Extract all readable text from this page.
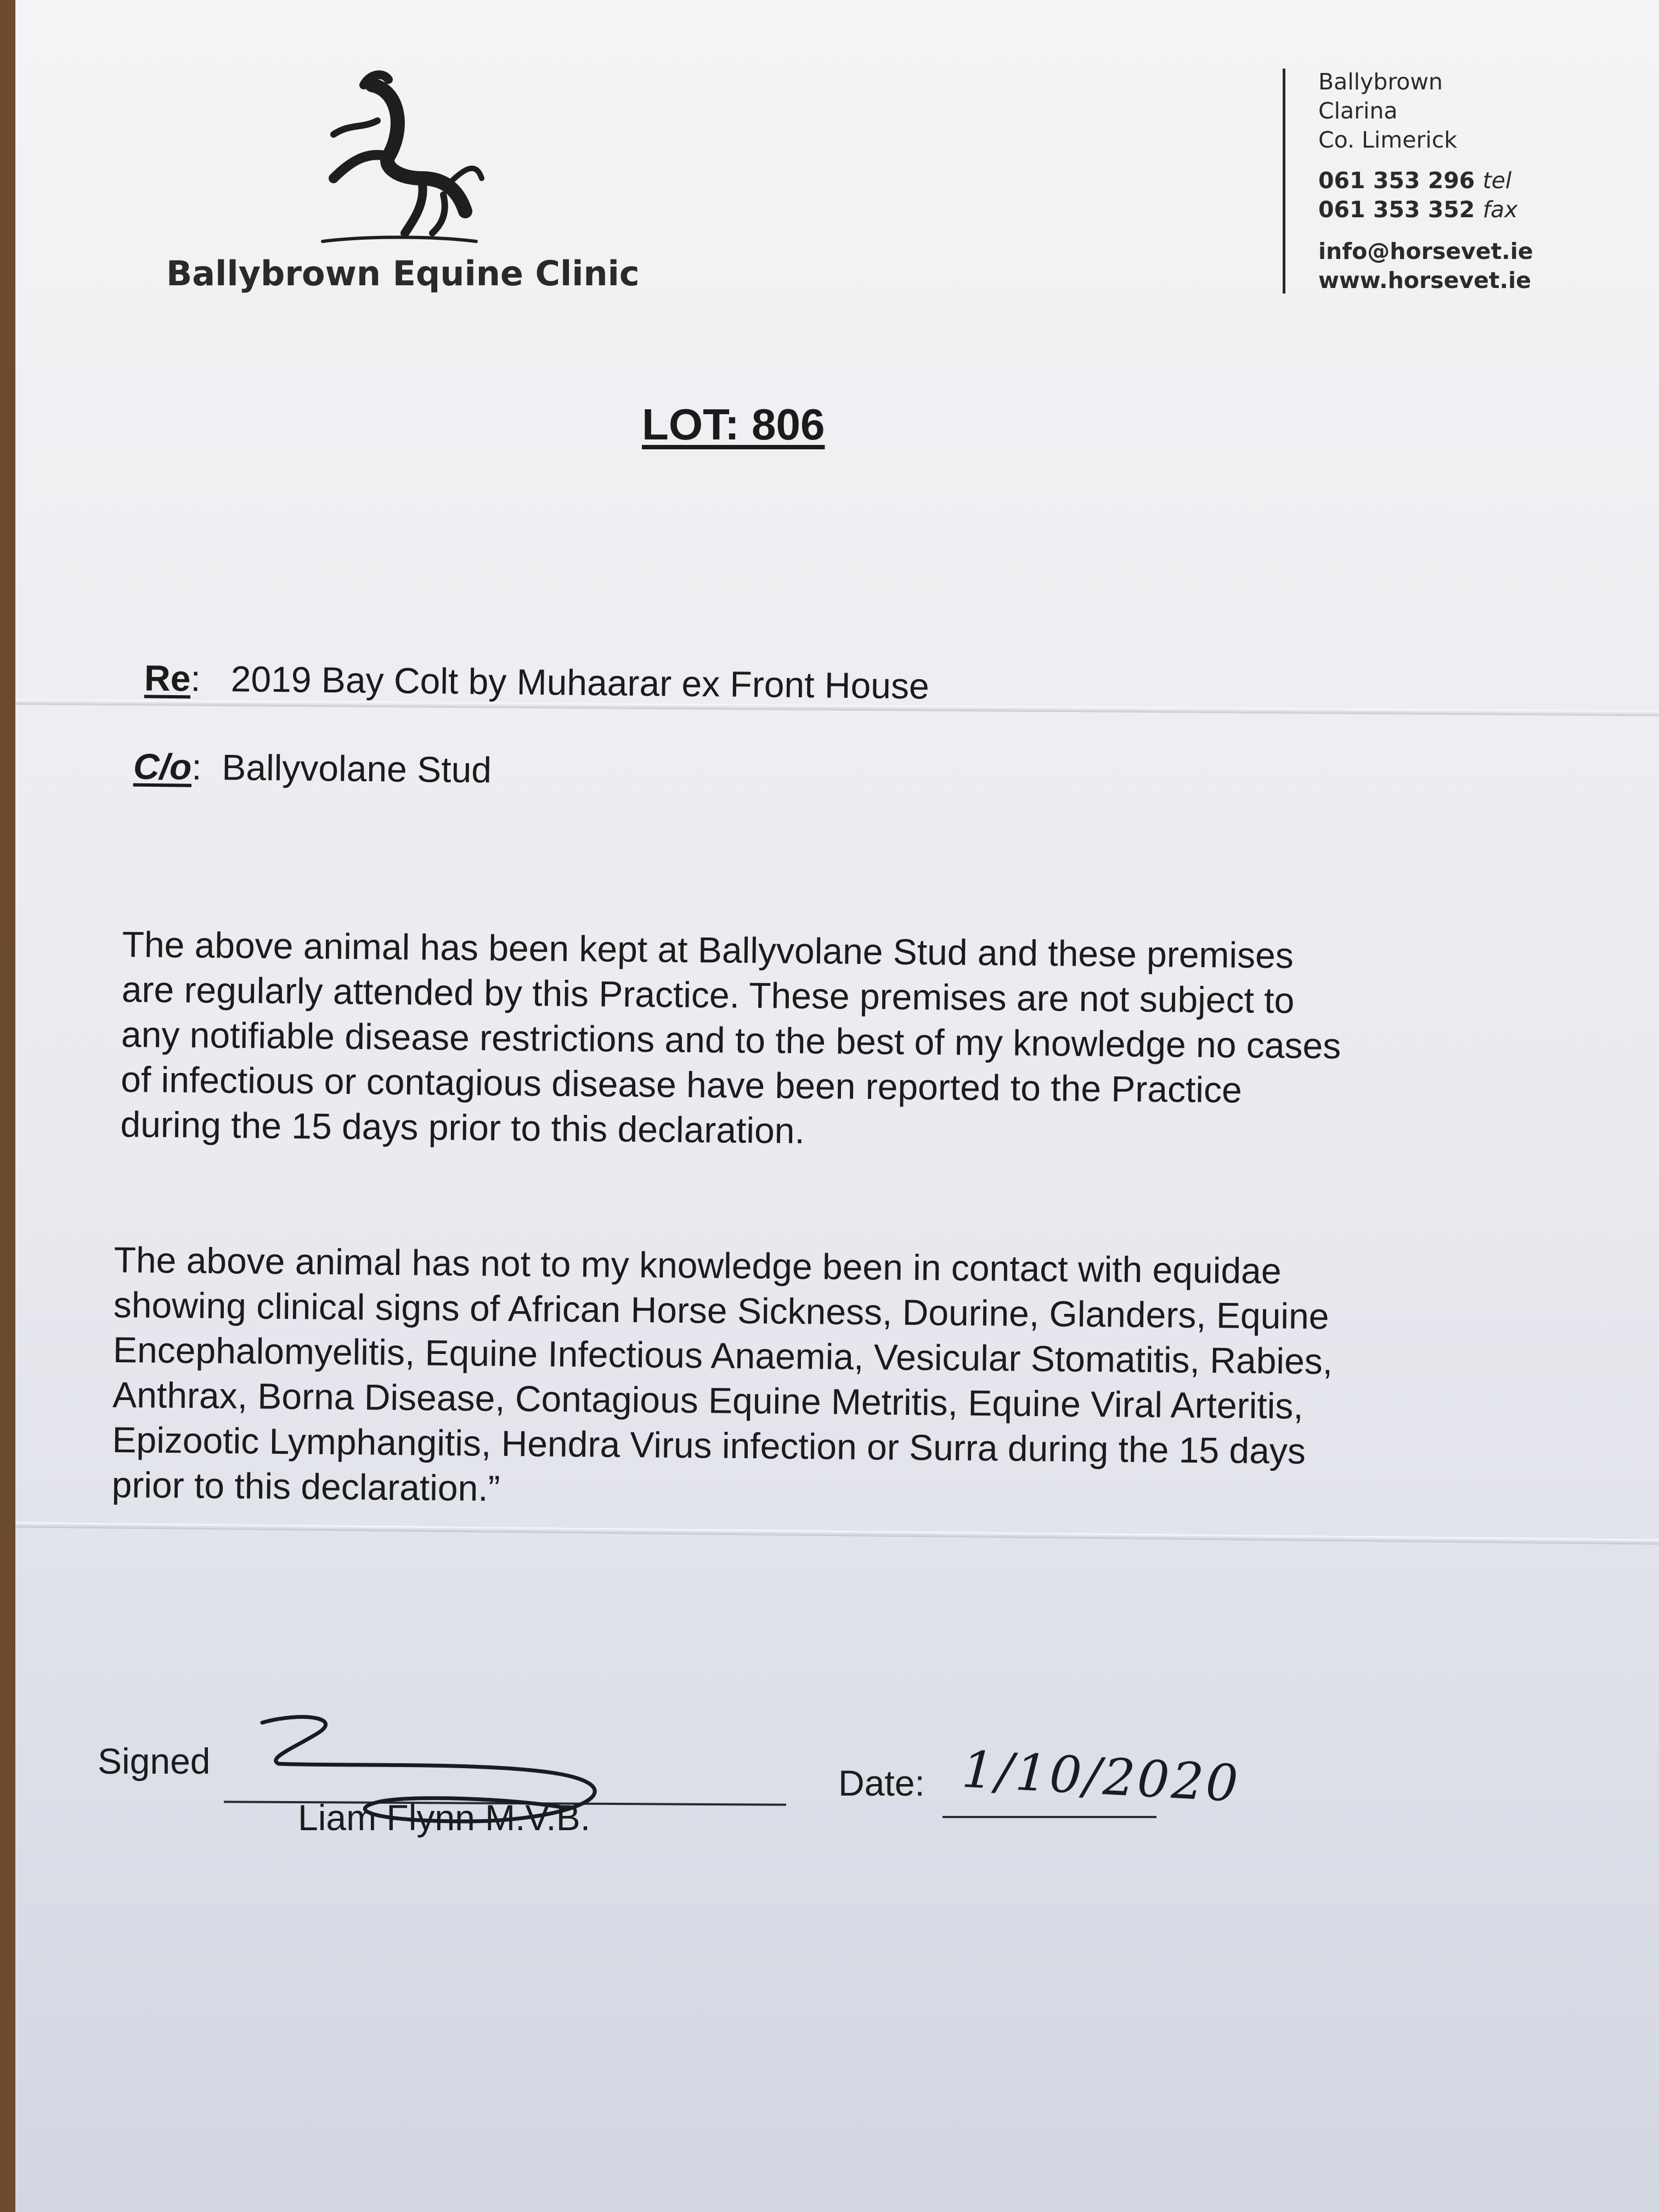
Ballybrown Equine Clinic
Ballybrown
Clarina
Co. Limerick
061 353 296 tel
061 353 352 fax
info@horsevet.ie
www.horsevet.ie
LOT: 806
Re:   2019 Bay Colt by Muhaarar ex Front House
C/o:  Ballyvolane Stud

The above animal has been kept at Ballyvolane Stud and these premises are regularly attended by this Practice. These premises are not subject to any notifiable disease restrictions and to the best of my knowledge no cases of infectious or contagious disease have been reported to the Practice during the 15 days prior to this declaration.

The above animal has not to my knowledge been in contact with equidae showing clinical signs of African Horse Sickness, Dourine, Glanders, Equine Encephalomyelitis, Equine Infectious Anaemia, Vesicular Stomatitis, Rabies, Anthrax, Borna Disease, Contagious Equine Metritis, Equine Viral Arteritis, Epizootic Lymphangitis, Hendra Virus infection or Surra during the 15 days prior to this declaration.”

Signed
Liam Flynn M.V.B.
Date: 1/10/2020
